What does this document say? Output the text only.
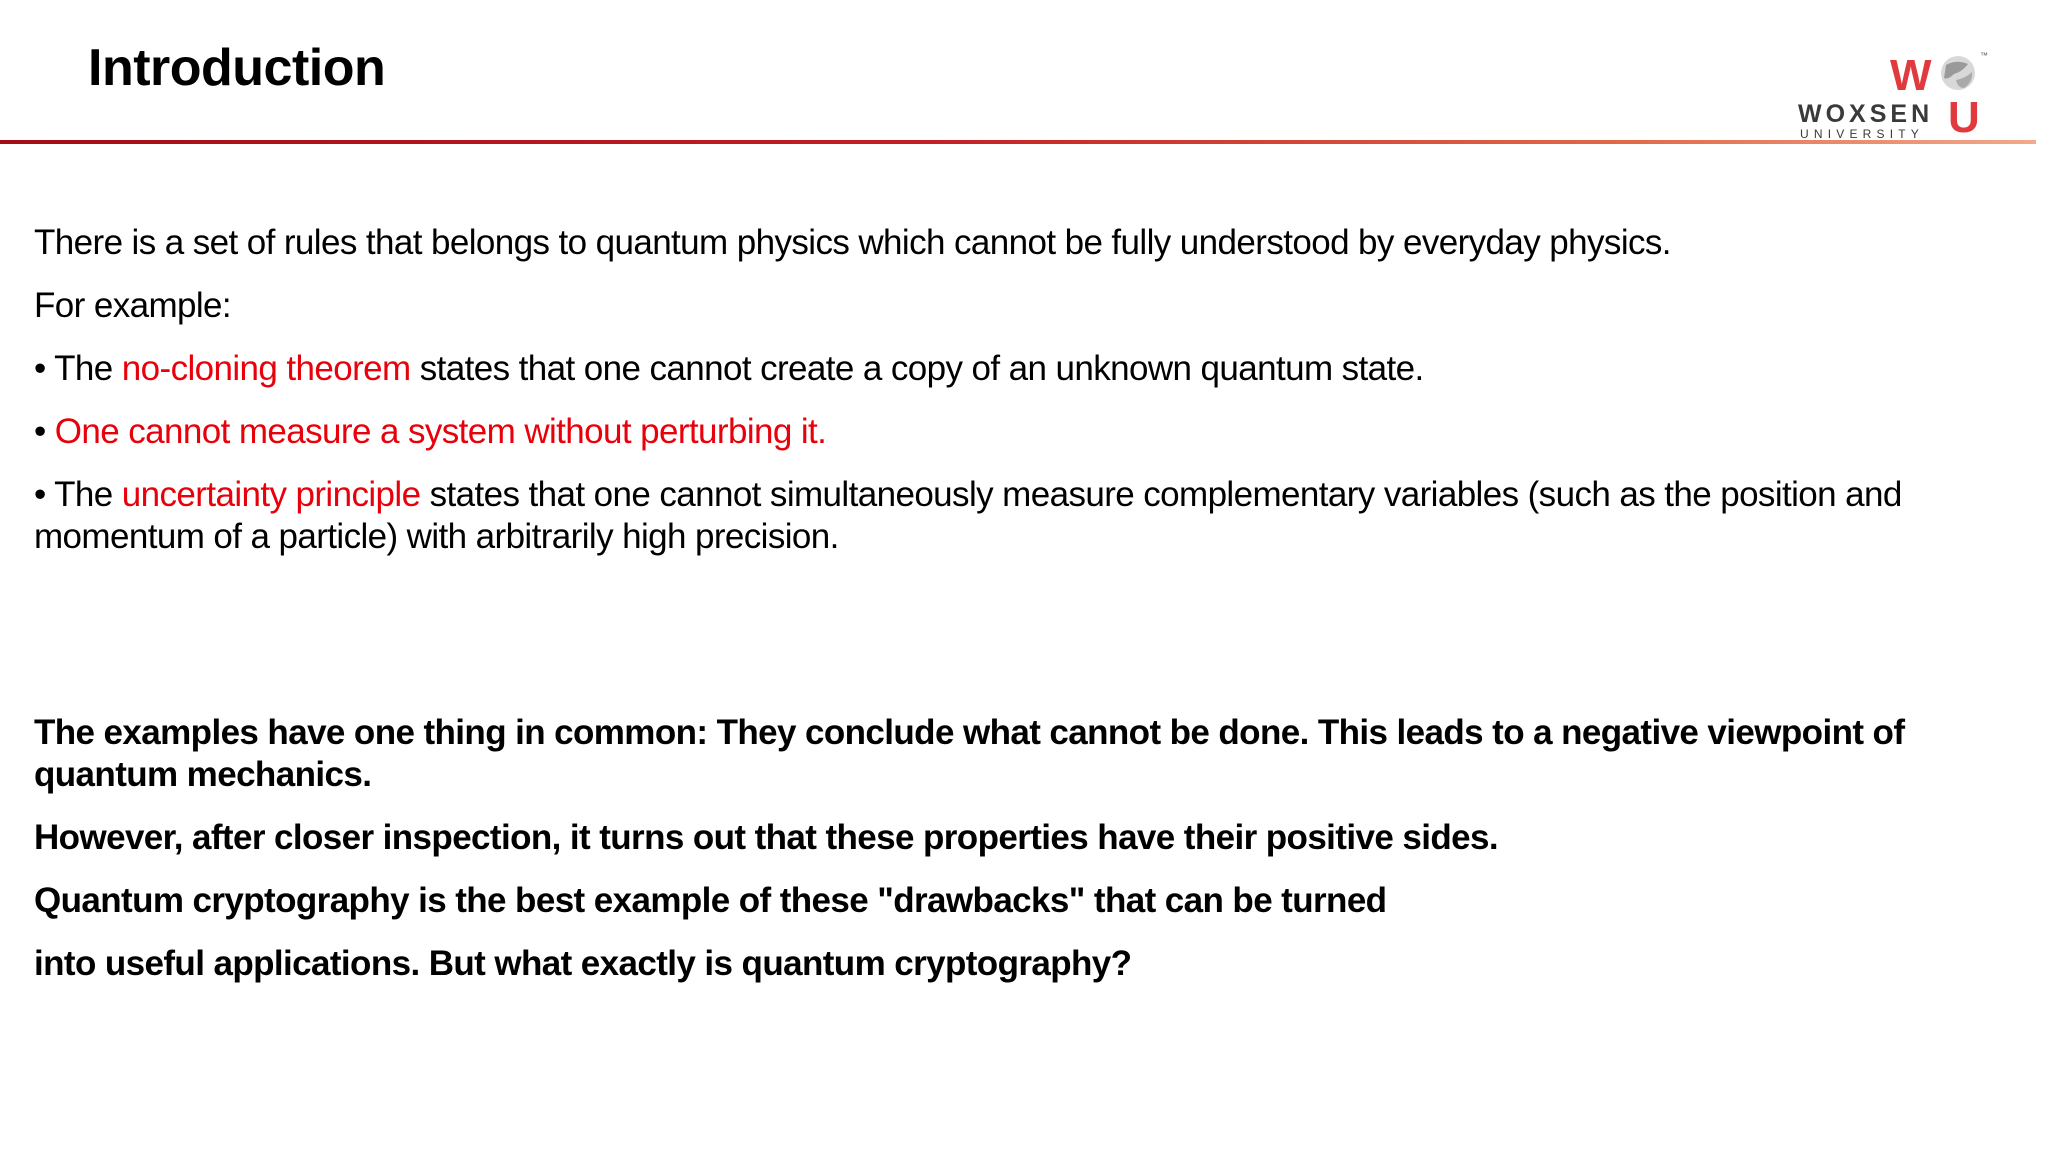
Introduction	W	™
WOXSEN
UNIVERSITY U

There is a set of rules that belongs to quantum physics which cannot be fully understood by everyday physics.

For example:

• The no-cloning theorem states that one cannot create a copy of an unknown quantum state.

• One cannot measure a system without perturbing it.

• The uncertainty principle states that one cannot simultaneously measure complementary variables (such as the position and momentum of a particle) with arbitrarily high precision.

The examples have one thing in common: They conclude what cannot be done. This leads to a negative viewpoint of quantum mechanics.

However, after closer inspection, it turns out that these properties have their positive sides.

Quantum cryptography is the best example of these "drawbacks" that can be turned

into useful applications. But what exactly is quantum cryptography?
